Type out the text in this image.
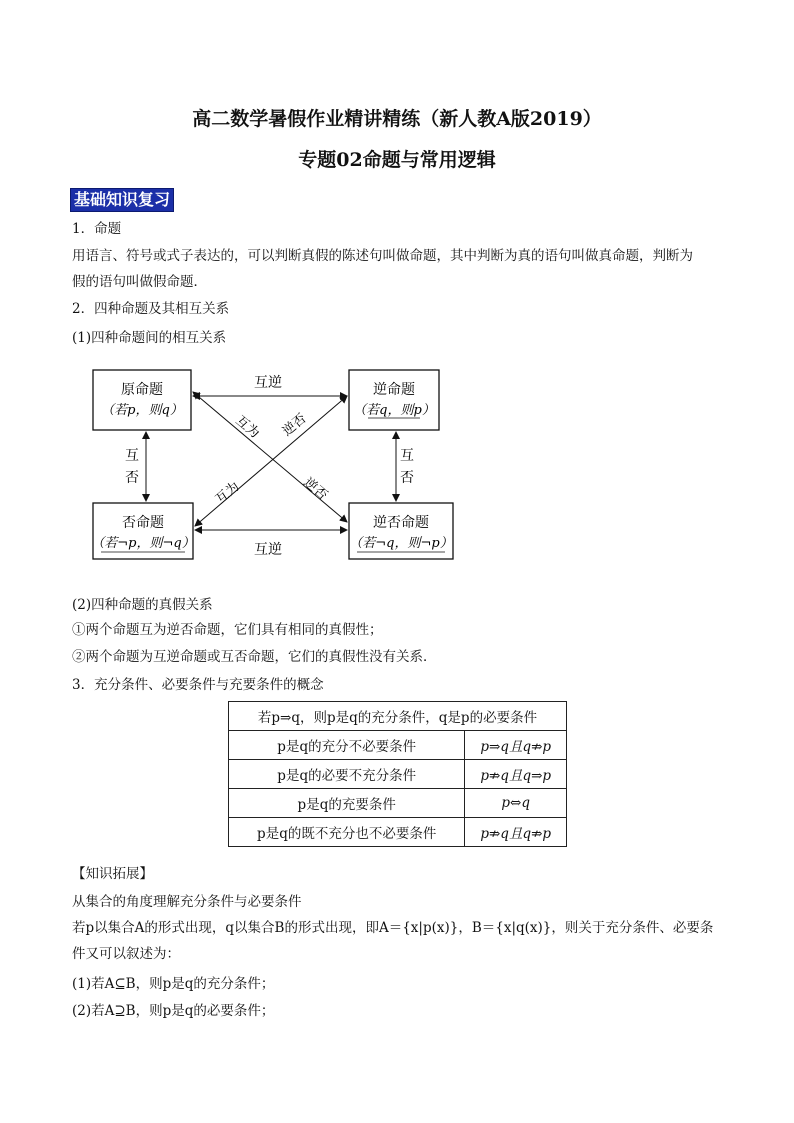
高二数学暑假作业精讲精练（新人教A版2019）
专题02命题与常用逻辑
基础知识复习
1．命题
用语言、符号或式子表达的，可以判断真假的陈述句叫做命题，其中判断为真的语句叫做真命题，判断为
假的语句叫做假命题．
2．四种命题及其相互关系
(1)四种命题间的相互关系
原命题
（若p，则q）
逆命题
（若q，则p）
否命题
（若¬p，则¬q）
逆否命题
（若¬q，则¬p）
互逆
互逆
互
否
互
否
互为 逆否
互为	逆否
(2)四种命题的真假关系
①两个命题互为逆否命题，它们具有相同的真假性；
②两个命题为互逆命题或互否命题，它们的真假性没有关系．
3．充分条件、必要条件与充要条件的概念
若p⇒q，则p是q的充分条件，q是p的必要条件	
p是q的充分不必要条件	p⇒q且q⇏p
p是q的必要不充分条件	p⇏q且q⇒p
p是q的充要条件	p⇔q
p是q的既不充分也不必要条件	p⇏q且q⇏p
【知识拓展】
从集合的角度理解充分条件与必要条件
若p以集合A的形式出现，q以集合B的形式出现，即A＝{x|p(x)}，B＝{x|q(x)}，则关于充分条件、必要条
件又可以叙述为：
(1)若A⊆B，则p是q的充分条件；
(2)若A⊇B，则p是q的必要条件；
